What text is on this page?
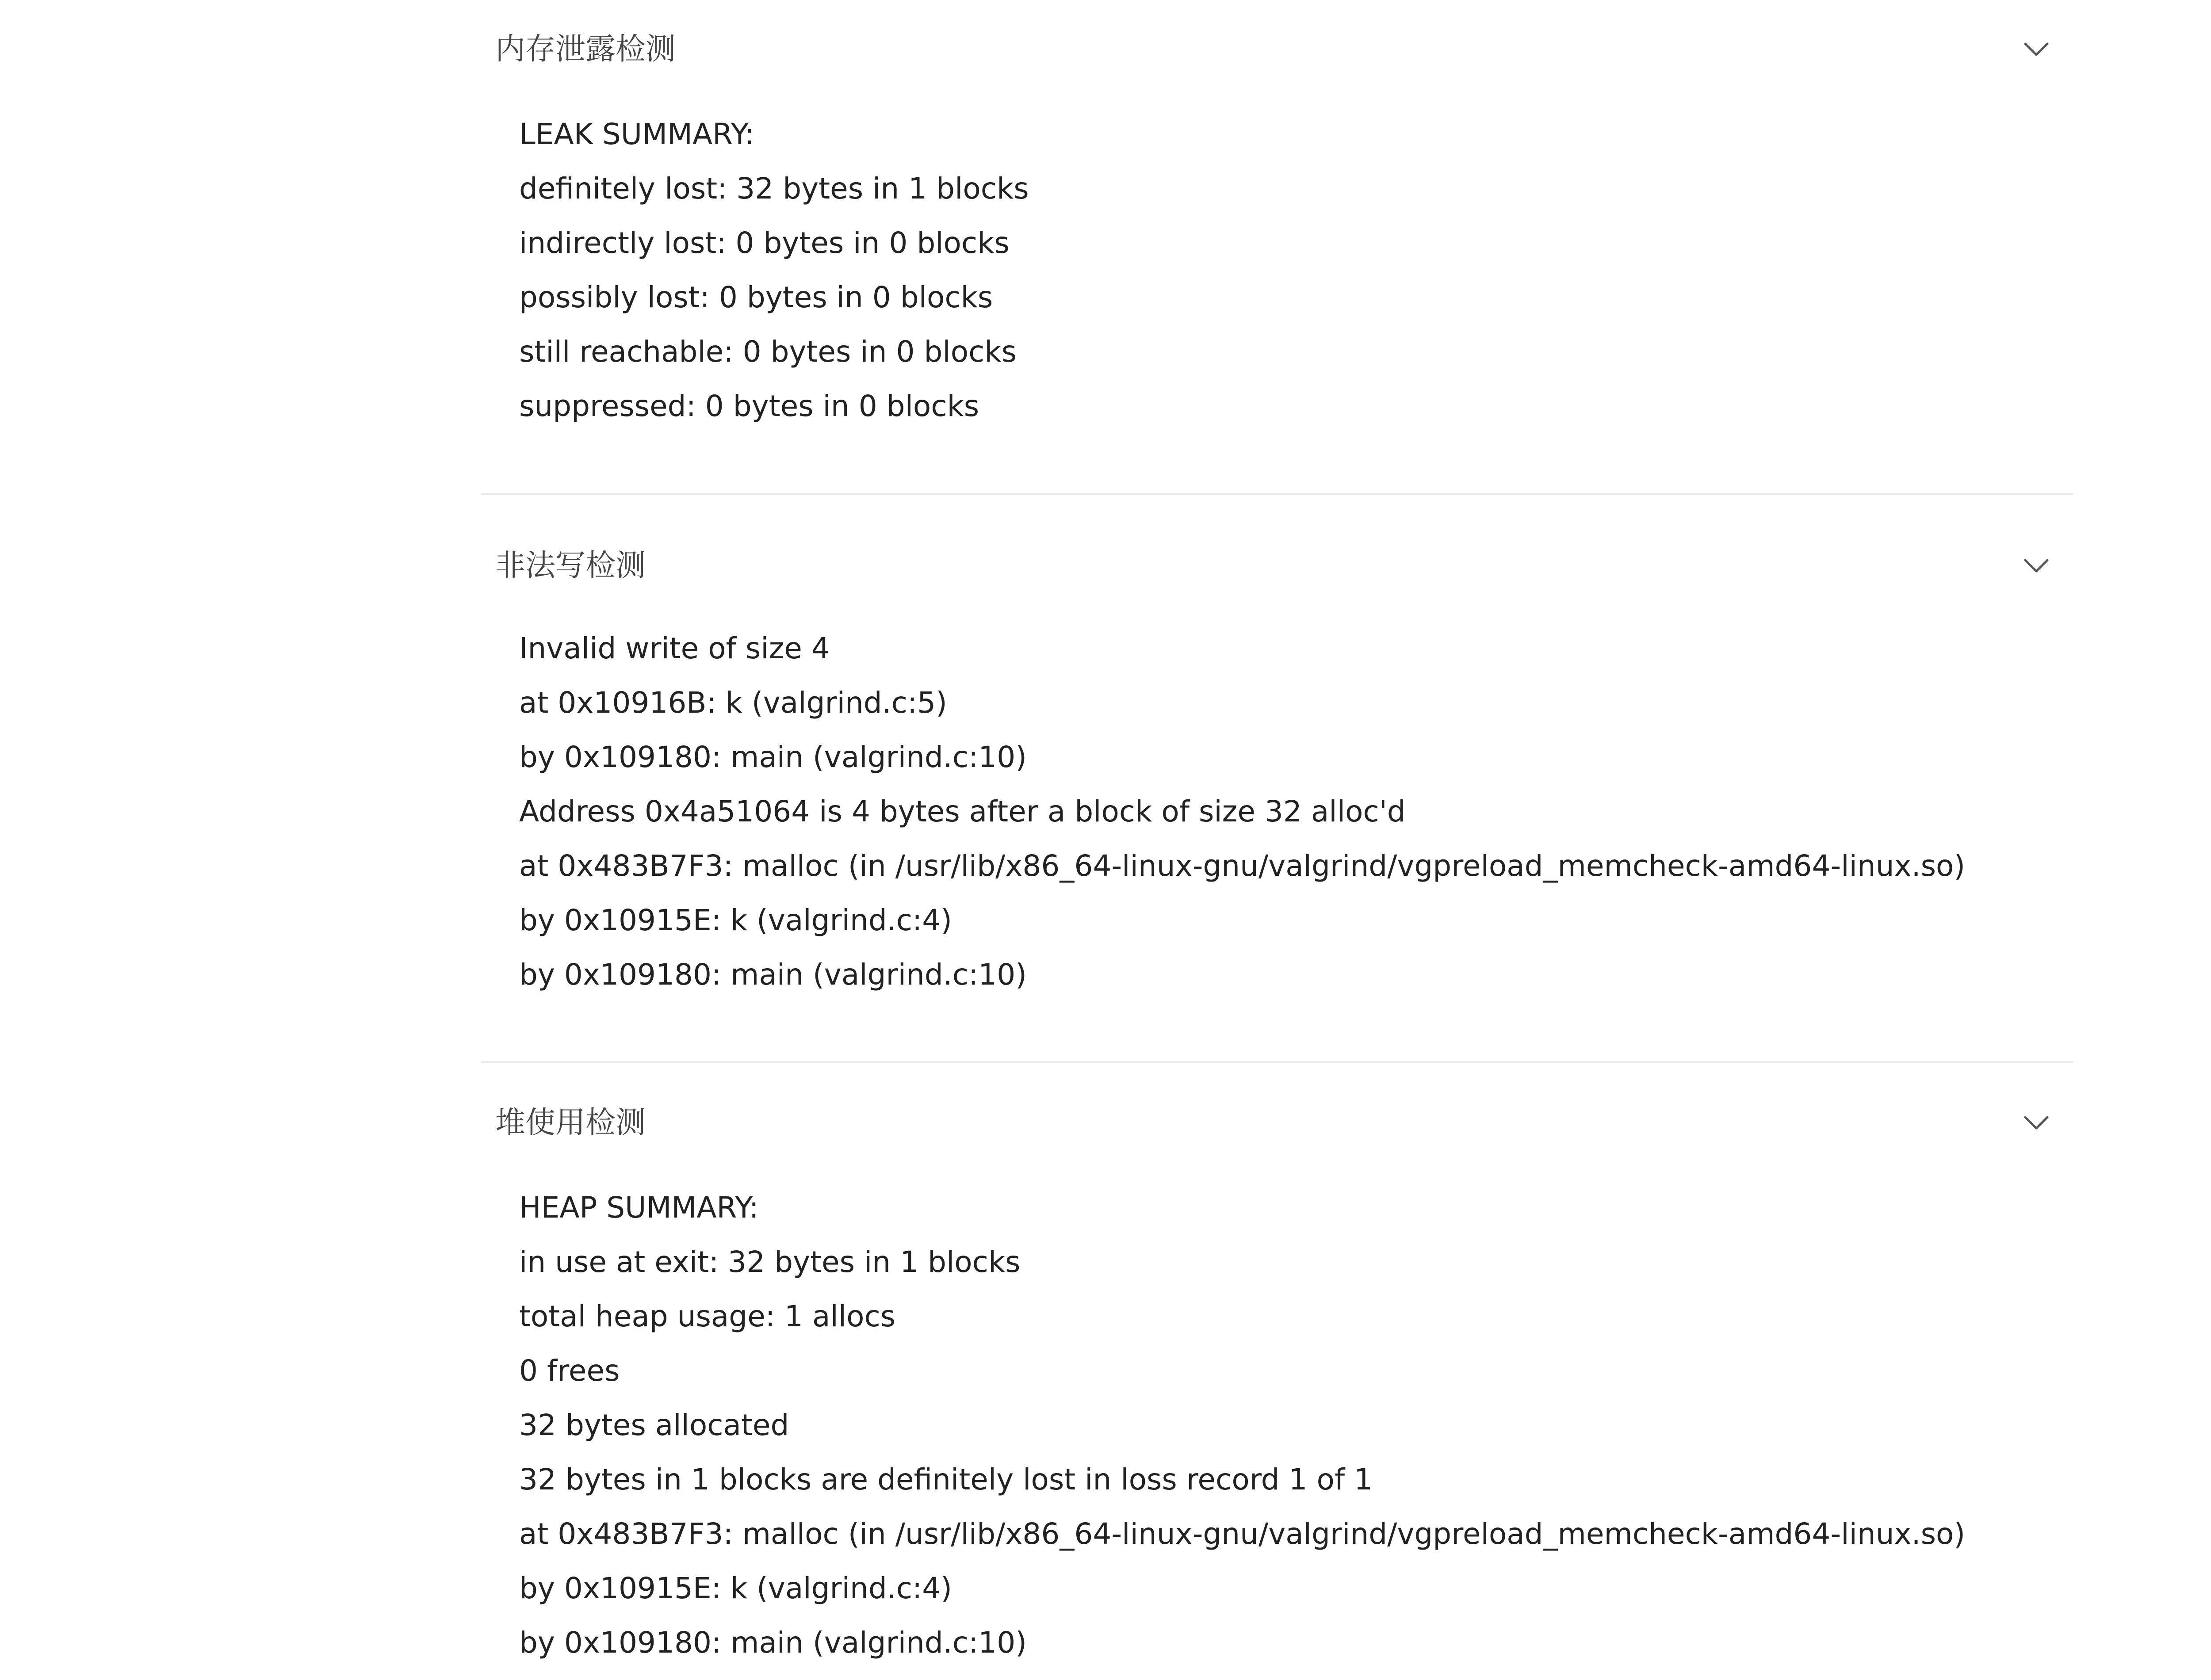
内存泄露检测
LEAK SUMMARY:
definitely lost: 32 bytes in 1 blocks
indirectly lost: 0 bytes in 0 blocks
possibly lost: 0 bytes in 0 blocks
still reachable: 0 bytes in 0 blocks
suppressed: 0 bytes in 0 blocks
非法写检测
Invalid write of size 4
at 0x10916B: k (valgrind.c:5)
by 0x109180: main (valgrind.c:10)
Address 0x4a51064 is 4 bytes after a block of size 32 alloc'd
at 0x483B7F3: malloc (in /usr/lib/x86_64-linux-gnu/valgrind/vgpreload_memcheck-amd64-linux.so)
by 0x10915E: k (valgrind.c:4)
by 0x109180: main (valgrind.c:10)
堆使用检测
HEAP SUMMARY:
in use at exit: 32 bytes in 1 blocks
total heap usage: 1 allocs
0 frees
32 bytes allocated
32 bytes in 1 blocks are definitely lost in loss record 1 of 1
at 0x483B7F3: malloc (in /usr/lib/x86_64-linux-gnu/valgrind/vgpreload_memcheck-amd64-linux.so)
by 0x10915E: k (valgrind.c:4)
by 0x109180: main (valgrind.c:10)
